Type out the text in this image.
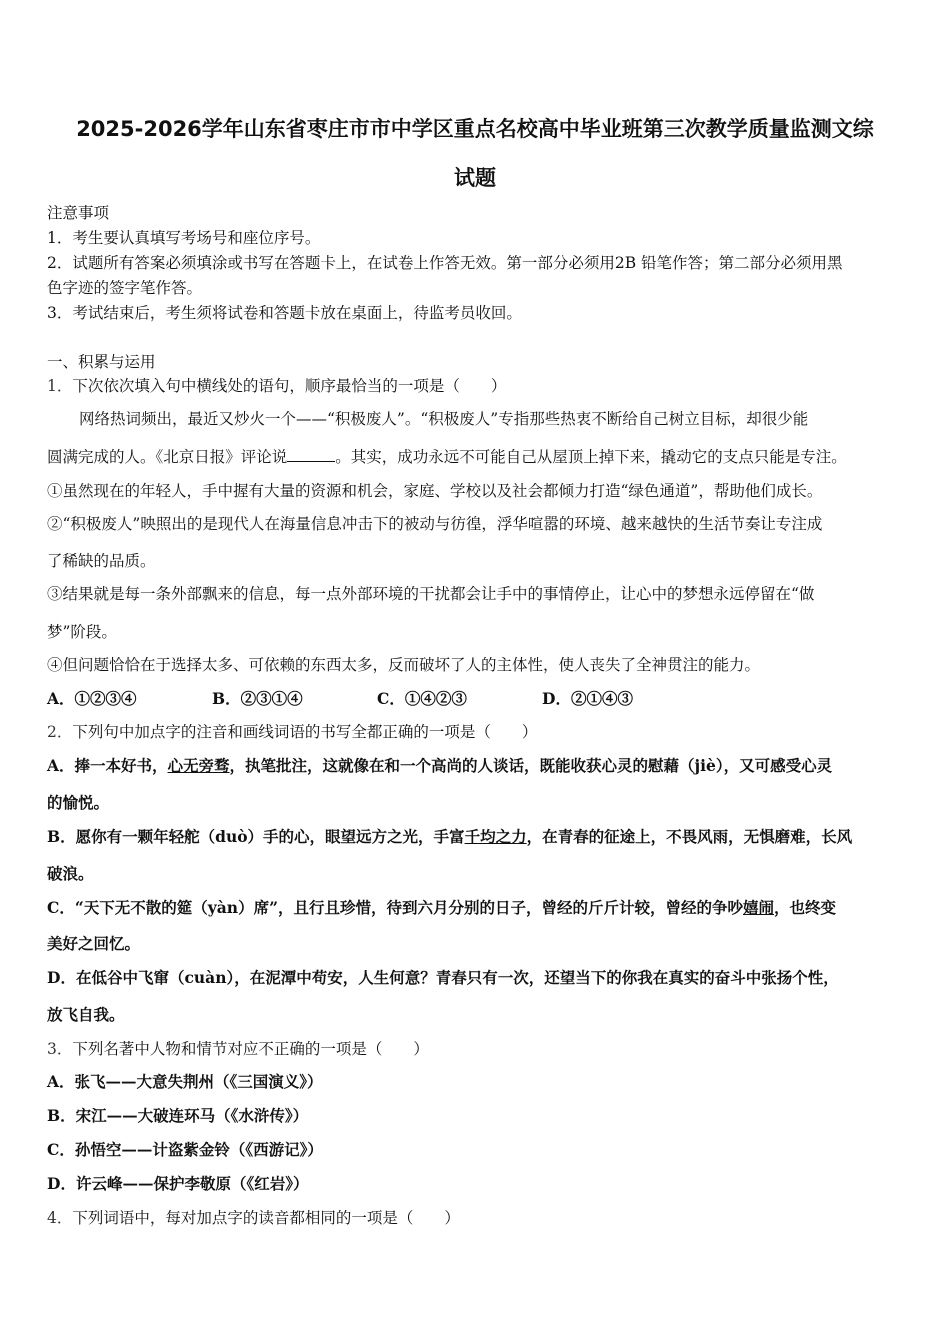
2025-2026学年山东省枣庄市市中学区重点名校高中毕业班第三次教学质量监测文综
试题
注意事项
1．考生要认真填写考场号和座位序号。
2．试题所有答案必须填涂或书写在答题卡上，在试卷上作答无效。第一部分必须用2B 铅笔作答；第二部分必须用黑
色字迹的签字笔作答。
3．考试结束后，考生须将试卷和答题卡放在桌面上，待监考员收回。
一、积累与运用
1．下次依次填入句中横线处的语句，顺序最恰当的一项是（　　）
网络热词频出，最近又炒火一个——“积极废人”。“积极废人”专指那些热衷不断给自己树立目标，却很少能
圆满完成的人。《北京日报》评论说	。其实，成功永远不可能自己从屋顶上掉下来，撬动它的支点只能是专注。
①虽然现在的年轻人，手中握有大量的资源和机会，家庭、学校以及社会都倾力打造“绿色通道”，帮助他们成长。
②“积极废人”映照出的是现代人在海量信息冲击下的被动与彷徨，浮华喧嚣的环境、越来越快的生活节奏让专注成
了稀缺的品质。
③结果就是每一条外部飘来的信息，每一点外部环境的干扰都会让手中的事情停止，让心中的梦想永远停留在“做
梦”阶段。
④但问题恰恰在于选择太多、可依赖的东西太多，反而破坏了人的主体性，使人丧失了全神贯注的能力。
A．①②③④	B．②③①④	C．①④②③	D．②①④③
2．下列句中加点字的注音和画线词语的书写全都正确的一项是（　　）
A．捧一本好书，心无旁骛，执笔批注，这就像在和一个高尚的人谈话，既能收获心灵的慰藉（jiè），又可感受心灵
的愉悦。
B．愿你有一颗年轻舵（duò）手的心，眼望远方之光，手富千均之力，在青春的征途上，不畏风雨，无惧磨难，长风
破浪。
C．“天下无不散的筵（yàn）席”，且行且珍惜，待到六月分别的日子，曾经的斤斤计较，曾经的争吵嬉闹，也终变
美好之回忆。
D．在低谷中飞窜（cuàn），在泥潭中苟安，人生何意？青春只有一次，还望当下的你我在真实的奋斗中张扬个性，
放飞自我。
3．下列名著中人物和情节对应不正确的一项是（　　）
A．张飞——大意失荆州（《三国演义》）
B．宋江——大破连环马（《水浒传》）
C．孙悟空——计盗紫金铃（《西游记》）
D．许云峰——保护李敬原（《红岩》）
4．下列词语中，每对加点字的读音都相同的一项是（　　）
